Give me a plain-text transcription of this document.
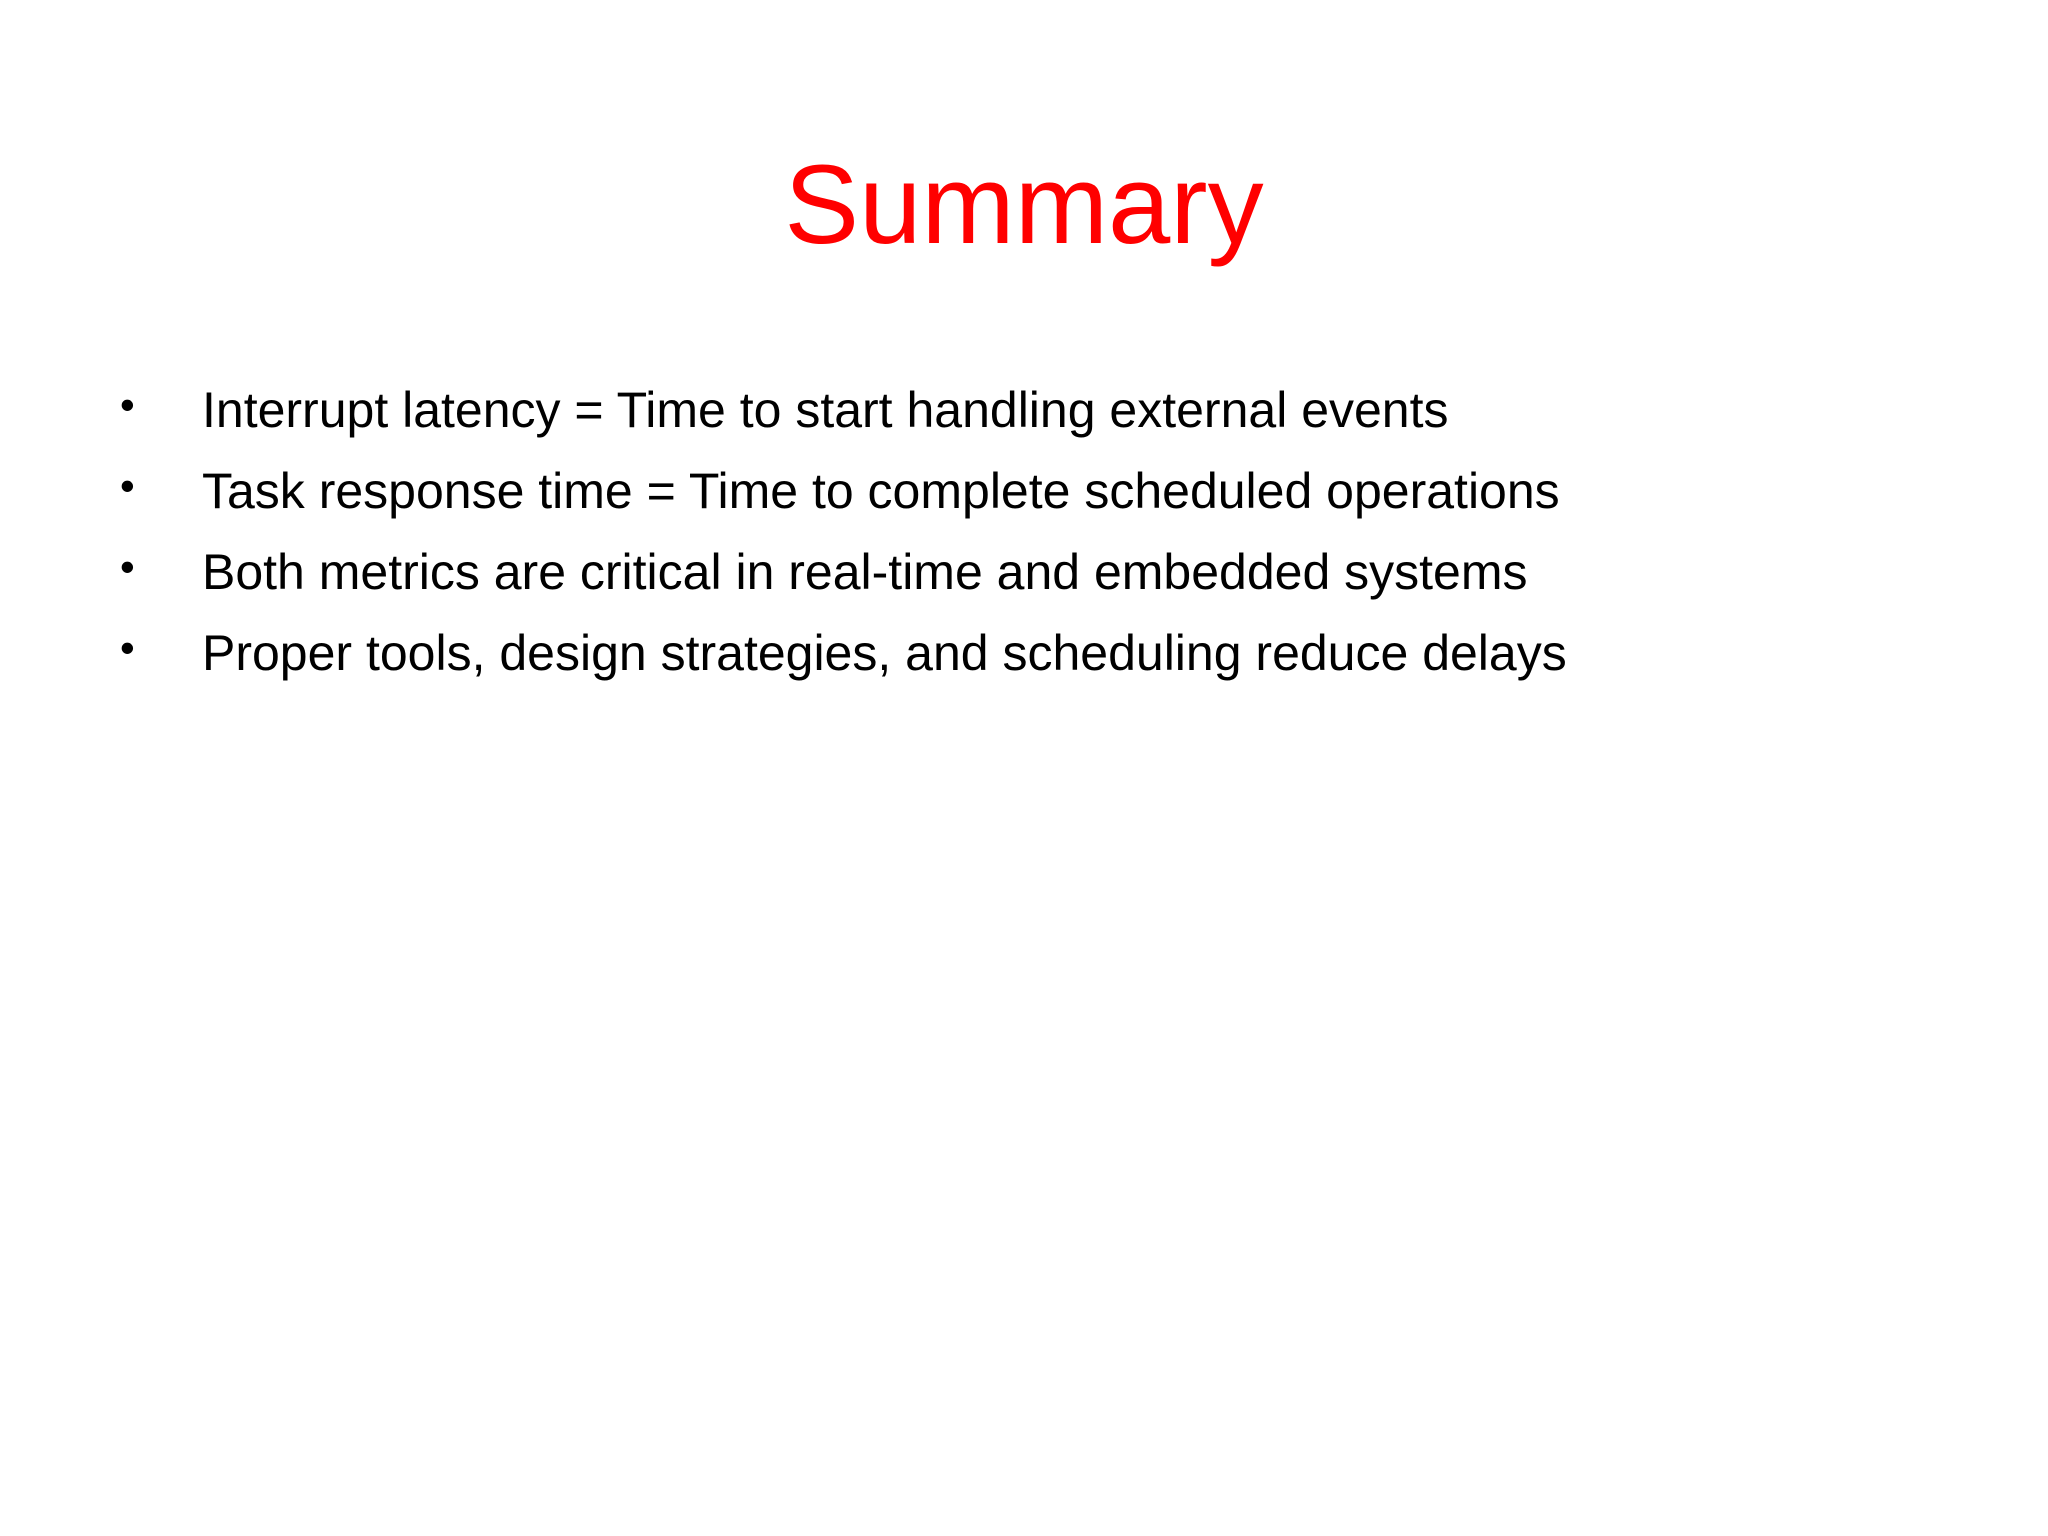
Summary
•	Interrupt latency = Time to start handling external events
•	Task response time = Time to complete scheduled operations
•	Both metrics are critical in real-time and embedded systems
•	Proper tools, design strategies, and scheduling reduce delays
